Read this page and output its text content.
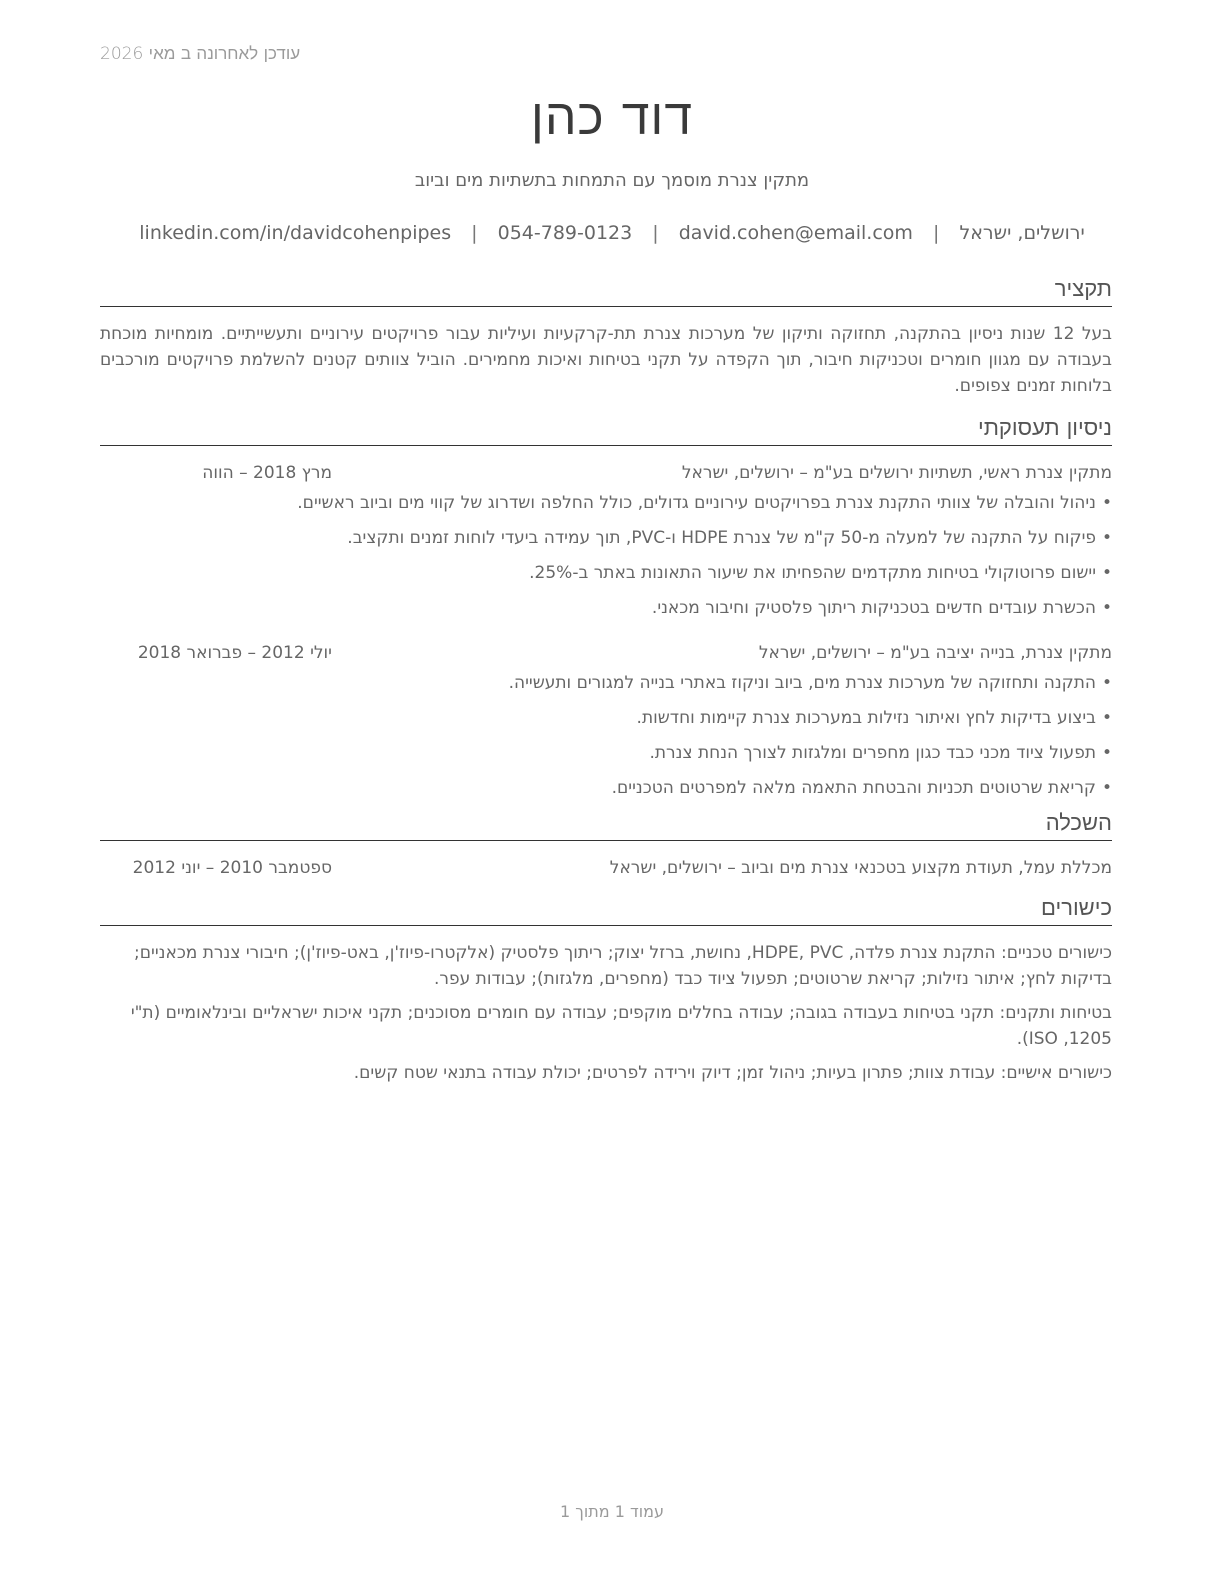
עודכן לאחרונה ב מאי 2026
דוד כהן
מתקין צנרת מוסמך עם התמחות בתשתיות מים וביוב
ירושלים, ישראל | david.cohen@email.com | 054-789-0123 | linkedin.com/in/davidcohenpipes
תקציר

בעל 12 שנות ניסיון בהתקנה, תחזוקה ותיקון של מערכות צנרת תת-קרקעיות ועיליות עבור פרויקטים עירוניים ותעשייתיים. מומחיות מוכחת בעבודה עם מגוון חומרים וטכניקות חיבור, תוך הקפדה על תקני בטיחות ואיכות מחמירים. הוביל צוותים קטנים להשלמת פרויקטים מורכבים בלוחות זמנים צפופים.

ניסיון תעסוקתי
מתקין צנרת ראשי, תשתיות ירושלים בע"מ – ירושלים, ישראל
מרץ 2018 – הווה
•
ניהול והובלה של צוותי התקנת צנרת בפרויקטים עירוניים גדולים, כולל החלפה ושדרוג של קווי מים וביוב ראשיים.
•
פיקוח על התקנה של למעלה מ-50 ק"מ של צנרת HDPE ו-PVC, תוך עמידה ביעדי לוחות זמנים ותקציב.
•
יישום פרוטוקולי בטיחות מתקדמים שהפחיתו את שיעור התאונות באתר ב-25%.
•
הכשרת עובדים חדשים בטכניקות ריתוך פלסטיק וחיבור מכאני.
מתקין צנרת, בנייה יציבה בע"מ – ירושלים, ישראל
יולי 2012 – פברואר 2018
•
התקנה ותחזוקה של מערכות צנרת מים, ביוב וניקוז באתרי בנייה למגורים ותעשייה.
•
ביצוע בדיקות לחץ ואיתור נזילות במערכות צנרת קיימות וחדשות.
•
תפעול ציוד מכני כבד כגון מחפרים ומלגזות לצורך הנחת צנרת.
•
קריאת שרטוטים תכניות והבטחת התאמה מלאה למפרטים הטכניים.
השכלה
מכללת עמל, תעודת מקצוע בטכנאי צנרת מים וביוב – ירושלים, ישראל
ספטמבר 2010 – יוני 2012
כישורים

כישורים טכניים: התקנת צנרת פלדה, HDPE, PVC, נחושת, ברזל יצוק; ריתוך פלסטיק (אלקטרו-פיוז'ן, באט-פיוז'ן); חיבורי צנרת מכאניים; בדיקות לחץ; איתור נזילות; קריאת שרטוטים; תפעול ציוד כבד (מחפרים, מלגזות); עבודות עפר.

בטיחות ותקנים: תקני בטיחות בעבודה בגובה; עבודה בחללים מוקפים; עבודה עם חומרים מסוכנים; תקני איכות ישראליים ובינלאומיים (ת"י 1205, ISO).

כישורים אישיים: עבודת צוות; פתרון בעיות; ניהול זמן; דיוק וירידה לפרטים; יכולת עבודה בתנאי שטח קשים.

עמוד 1 מתוך 1
